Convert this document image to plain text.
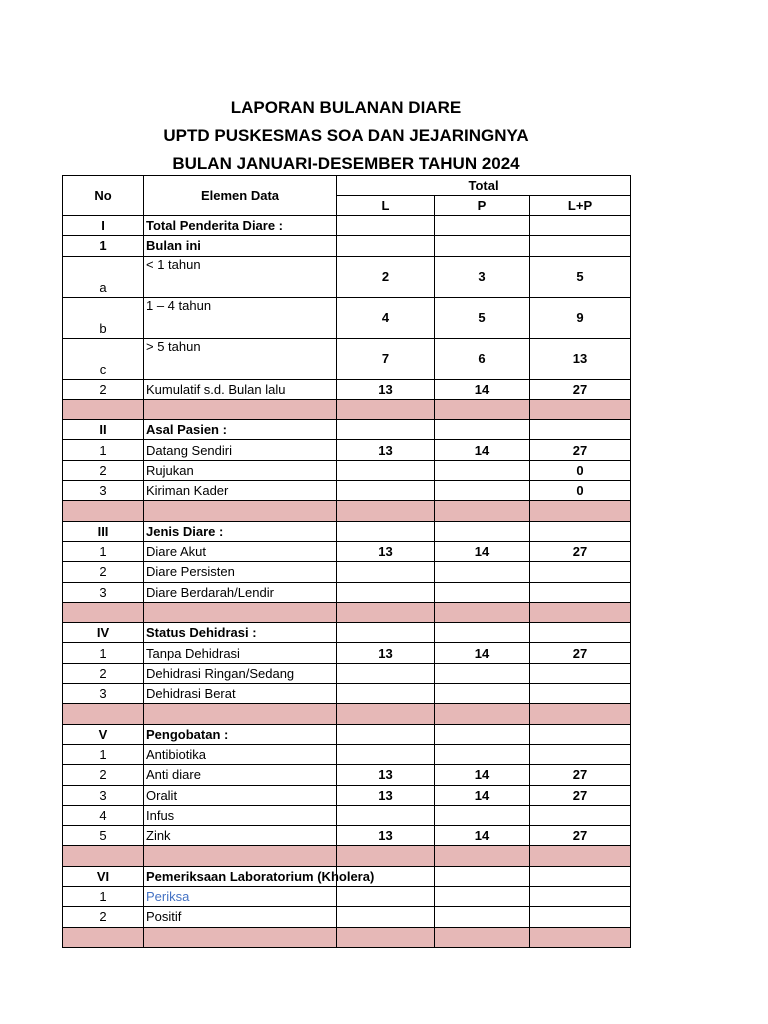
LAPORAN BULANAN DIARE
UPTD PUSKESMAS SOA DAN JEJARINGNYA
BULAN JANUARI-DESEMBER TAHUN 2024
No	Elemen Data	Total		
		L	P	L+P
I	Total Penderita Diare :			
1	Bulan ini			
a	< 1 tahun	2	3	5
b	1 – 4 tahun	4	5	9
c	> 5 tahun	7	6	13
2	Kumulatif s.d. Bulan lalu	13	14	27

II	Asal Pasien :			
1	Datang Sendiri	13	14	27
2	Rujukan			0
3	Kiriman Kader			0

III	Jenis Diare :			
1	Diare Akut	13	14	27
2	Diare Persisten			
3	Diare Berdarah/Lendir			

IV	Status Dehidrasi :			
1	Tanpa Dehidrasi	13	14	27
2	Dehidrasi Ringan/Sedang			
3	Dehidrasi Berat			

V	Pengobatan :			
1	Antibiotika			
2	Anti diare	13	14	27
3	Oralit	13	14	27
4	Infus			
5	Zink	13	14	27

VI	Pemeriksaan Laboratorium (Kholera)			
1	Periksa			
2	Positif			
